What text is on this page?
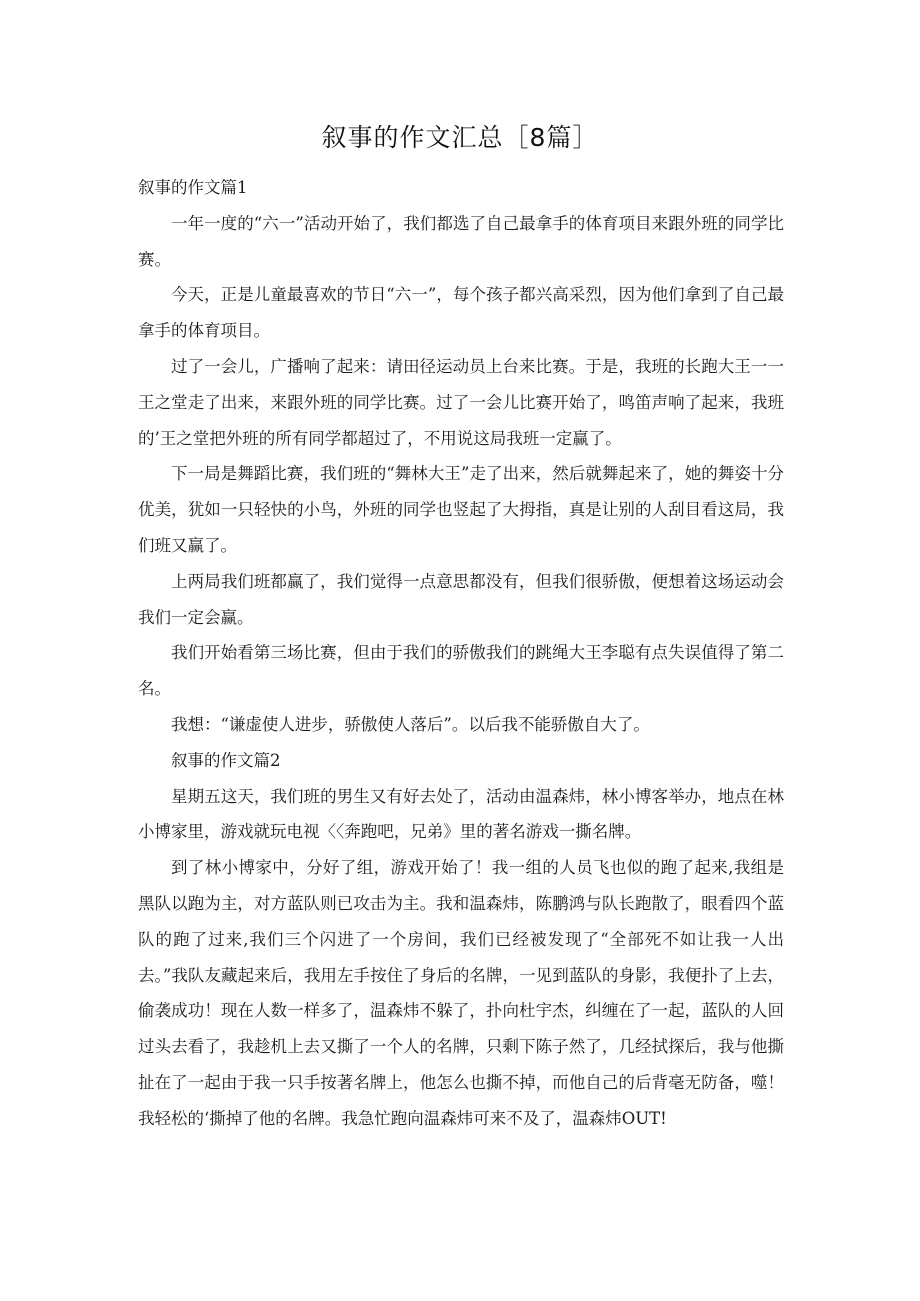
叙事的作文汇总［8篇］

叙事的作文篇1

一年一度的“六一”活动开始了，我们都选了自己最拿手的体育项目来跟外班的同学比赛。

今天，正是儿童最喜欢的节日“六一”，每个孩子都兴高采烈，因为他们拿到了自己最拿手的体育项目。

过了一会儿，广播响了起来：请田径运动员上台来比赛。于是，我班的长跑大王一一王之堂走了出来，来跟外班的同学比赛。过了一会儿比赛开始了，鸣笛声响了起来，我班的’王之堂把外班的所有同学都超过了，不用说这局我班一定赢了。

下一局是舞蹈比赛，我们班的“舞林大王”走了出来，然后就舞起来了，她的舞姿十分优美，犹如一只轻快的小鸟，外班的同学也竖起了大拇指，真是让别的人刮目看这局，我们班又赢了。

上两局我们班都赢了，我们觉得一点意思都没有，但我们很骄傲，便想着这场运动会我们一定会赢。

我们开始看第三场比赛，但由于我们的骄傲我们的跳绳大王李聪有点失误值得了第二名。

我想：“谦虚使人进步，骄傲使人落后”。以后我不能骄傲自大了。

叙事的作文篇2

星期五这天，我们班的男生又有好去处了，活动由温森炜，林小博客举办，地点在林小博家里，游戏就玩电视〈〈奔跑吧，兄弟》里的著名游戏一撕名牌。

到了林小博家中，分好了组，游戏开始了！我一组的人员飞也似的跑了起来,我组是黑队以跑为主，对方蓝队则已攻击为主。我和温森炜，陈鹏鸿与队长跑散了，眼看四个蓝队的跑了过来,我们三个闪进了一个房间，我们已经被发现了“全部死不如让我一人出去。”我队友藏起来后，我用左手按住了身后的名牌，一见到蓝队的身影，我便扑了上去，偷袭成功！现在人数一样多了，温森炜不躲了，扑向杜宇杰，纠缠在了一起，蓝队的人回过头去看了，我趁机上去又撕了一个人的名牌，只剩下陈子然了，几经拭探后，我与他撕扯在了一起由于我一只手按著名牌上，他怎么也撕不掉，而他自己的后背毫无防备，噬！我轻松的‘撕掉了他的名牌。我急忙跑向温森炜可来不及了，温森炜OUT!
